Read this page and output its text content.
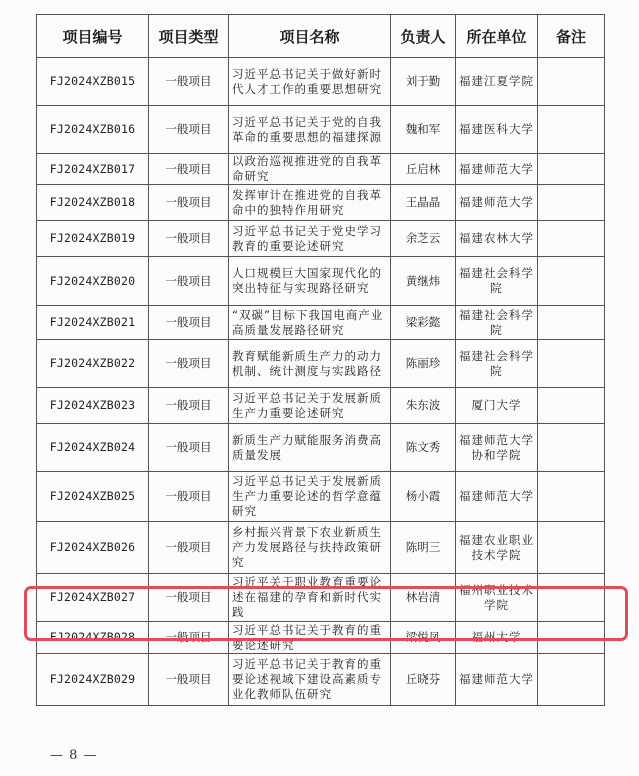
项目编号	项目类型	项目名称	负责人	所在单位	备注
FJ2024XZB015	一般项目	习近平总书记关于做好新时代人才工作的重要思想研究	刘于勤	福建江夏学院	
FJ2024XZB016	一般项目	习近平总书记关于党的自我革命的重要思想的福建探源	魏和军	福建医科大学	
FJ2024XZB017	一般项目	以政治巡视推进党的自我革命研究	丘启林	福建师范大学	
FJ2024XZB018	一般项目	发挥审计在推进党的自我革命中的独特作用研究	王晶晶	福建师范大学	
FJ2024XZB019	一般项目	习近平总书记关于党史学习教育的重要论述研究	余芝云	福建农林大学	
FJ2024XZB020	一般项目	人口规模巨大国家现代化的突出特征与实现路径研究	黄继炜	福建社会科学院	
FJ2024XZB021	一般项目	“双碳”目标下我国电商产业高质量发展路径研究	梁彩懿	福建社会科学院	
FJ2024XZB022	一般项目	教育赋能新质生产力的动力机制、统计测度与实践路径	陈丽珍	福建社会科学院	
FJ2024XZB023	一般项目	习近平总书记关于发展新质生产力重要论述研究	朱东波	厦门大学	
FJ2024XZB024	一般项目	新质生产力赋能服务消费高质量发展	陈文秀	福建师范大学协和学院	
FJ2024XZB025	一般项目	习近平总书记关于发展新质生产力重要论述的哲学意蕴研究	杨小霞	福建师范大学	
FJ2024XZB026	一般项目	乡村振兴背景下农业新质生产力发展路径与扶持政策研究	陈明三	福建农业职业技术学院	
FJ2024XZB027	一般项目	习近平关于职业教育重要论述在福建的孕育和新时代实践	林岩清	福州职业技术学院	
FJ2024XZB028	一般项目	习近平总书记关于教育的重要论述研究	梁悦凤	福州大学	
FJ2024XZB029	一般项目	习近平总书记关于教育的重要论述视域下建设高素质专业化教师队伍研究	丘晓芬	福建师范大学	
— 8 —
